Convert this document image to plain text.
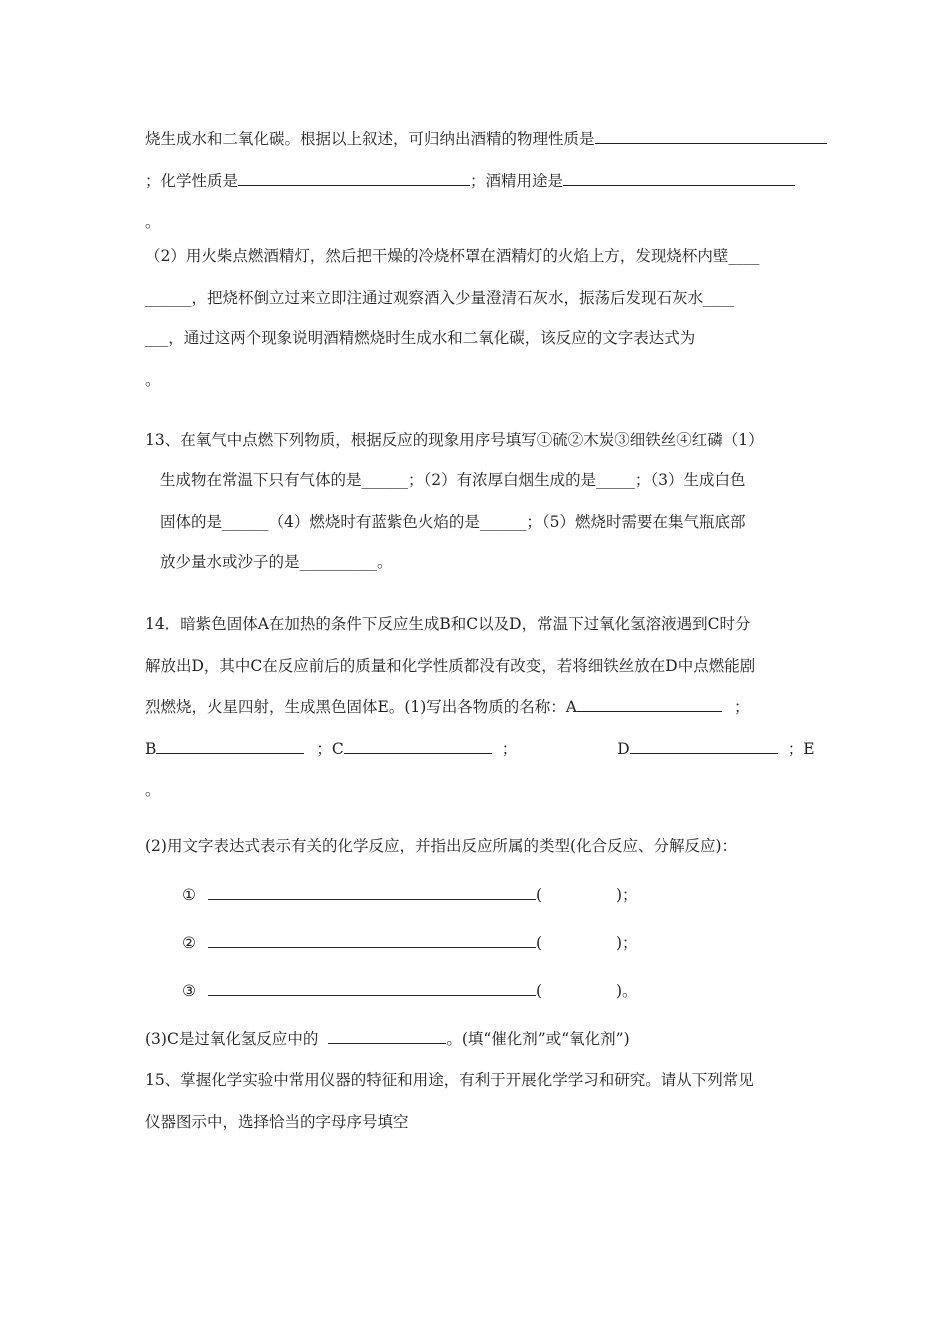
烧生成水和二氧化碳。根据以上叙述，可归纳出酒精的物理性质是
；化学性质是	；酒精用途是
。
（2）用火柴点燃酒精灯，然后把干燥的冷烧杯罩在酒精灯的火焰上方，发现烧杯内壁____
______，把烧杯倒立过来立即注通过观察酒入少量澄清石灰水，振荡后发现石灰水____
___，通过这两个现象说明酒精燃烧时生成水和二氧化碳，该反应的文字表达式为
。
13、在氧气中点燃下列物质，根据反应的现象用序号填写①硫②木炭③细铁丝④红磷（1）
生成物在常温下只有气体的是______；（2）有浓厚白烟生成的是_____；（3）生成白色
固体的是______（4）燃烧时有蓝紫色火焰的是______；（5）燃烧时需要在集气瓶底部
放少量水或沙子的是__________。
14．暗紫色固体A在加热的条件下反应生成B和C以及D，常温下过氧化氢溶液遇到C时分
解放出D，其中C在反应前后的质量和化学性质都没有改变，若将细铁丝放在D中点燃能剧
烈燃烧，火星四射，生成黑色固体E。(1)写出各物质的名称：A	；
B	；C	；	D	；E
。
(2)用文字表达式表示有关的化学反应，并指出反应所属的类型(化合反应、分解反应)：
①	(	)；
②	(	)；
③	(	)。
(3)C是过氧化氢反应中的	。(填“催化剂”或“氧化剂”)
15、掌握化学实验中常用仪器的特征和用途，有利于开展化学学习和研究。请从下列常见
仪器图示中，选择恰当的字母序号填空
